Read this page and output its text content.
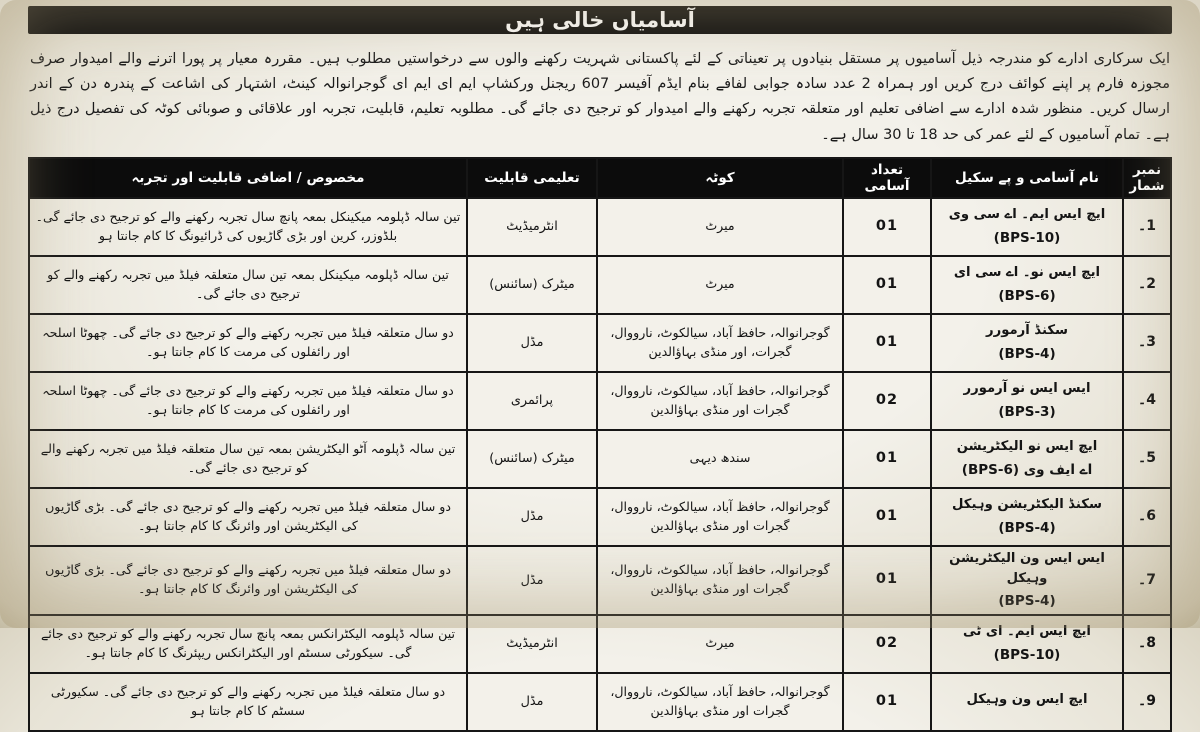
آسامیاں خالی ہیں

ایک سرکاری ادارے کو مندرجہ ذیل آسامیوں پر مستقل بنیادوں پر تعیناتی کے لئے پاکستانی شہریت رکھنے والوں سے درخواستیں مطلوب ہیں۔ مقررہ معیار پر پورا اترنے والے امیدوار صرف مجوزہ فارم پر اپنے کوائف درج کریں اور ہمراہ 2 عدد سادہ جوابی لفافے بنام ایڈم آفیسر 607 ریجنل ورکشاپ ایم ای ایم ای گوجرانوالہ کینٹ، اشتہار کی اشاعت کے پندرہ دن کے اندر ارسال کریں۔ منظور شدہ ادارے سے اضافی تعلیم اور متعلقہ تجربہ رکھنے والے امیدوار کو ترجیح دی جائے گی۔ مطلوبہ تعلیم، قابلیت، تجربہ اور علاقائی و صوبائی کوٹہ کی تفصیل درج ذیل ہے۔ تمام آسامیوں کے لئے عمر کی حد 18 تا 30 سال ہے۔

نمبر شمار	نام آسامی و پے سکیل	تعداد آسامی	کوٹہ	تعلیمی قابلیت	مخصوص / اضافی قابلیت اور تجربہ
1۔	ایچ ایس ایم۔ اے سی وی
‎(BPS-10)‎	01	میرٹ	انٹرمیڈیٹ	تین سالہ ڈپلومہ میکینکل بمعہ پانچ سال تجربہ رکھنے والے کو ترجیح دی جائے گی۔ بلڈوزر، کرین اور بڑی گاڑیوں کی ڈرائیونگ کا کام جانتا ہو
2۔	ایچ ایس نو۔ اے سی ای
‎(BPS-6)‎	01	میرٹ	میٹرک (سائنس)	تین سالہ ڈپلومہ میکینکل بمعہ تین سال متعلقہ فیلڈ میں تجربہ رکھنے والے کو ترجیح دی جائے گی۔
3۔	سکنڈ آرمورر
‎(BPS-4)‎	01	گوجرانوالہ، حافظ آباد، سیالکوٹ، نارووال، گجرات، اور منڈی بہاؤالدین	مڈل	دو سال متعلقہ فیلڈ میں تجربہ رکھنے والے کو ترجیح دی جائے گی۔ چھوٹا اسلحہ اور رائفلوں کی مرمت کا کام جانتا ہو۔
4۔	ایس ایس نو آرمورر
‎(BPS-3)‎	02	گوجرانوالہ، حافظ آباد، سیالکوٹ، نارووال، گجرات اور منڈی بہاؤالدین	پرائمری	دو سال متعلقہ فیلڈ میں تجربہ رکھنے والے کو ترجیح دی جائے گی۔ چھوٹا اسلحہ اور رائفلوں کی مرمت کا کام جانتا ہو۔
5۔	ایچ ایس نو الیکٹریشن
اے ایف وی ‎(BPS-6)‎	01	سندھ دیہی	میٹرک (سائنس)	تین سالہ ڈپلومہ آٹو الیکٹریشن بمعہ تین سال متعلقہ فیلڈ میں تجربہ رکھنے والے کو ترجیح دی جائے گی۔
6۔	سکنڈ الیکٹریشن وہیکل
‎(BPS-4)‎	01	گوجرانوالہ، حافظ آباد، سیالکوٹ، نارووال، گجرات اور منڈی بہاؤالدین	مڈل	دو سال متعلقہ فیلڈ میں تجربہ رکھنے والے کو ترجیح دی جائے گی۔ بڑی گاڑیوں کی الیکٹریشن اور وائرنگ کا کام جانتا ہو۔
7۔	ایس ایس ون الیکٹریشن وہیکل
‎(BPS-4)‎	01	گوجرانوالہ، حافظ آباد، سیالکوٹ، نارووال، گجرات اور منڈی بہاؤالدین	مڈل	دو سال متعلقہ فیلڈ میں تجربہ رکھنے والے کو ترجیح دی جائے گی۔ بڑی گاڑیوں کی الیکٹریشن اور وائرنگ کا کام جانتا ہو۔
8۔	ایچ ایس ایم۔ ای ٹی
‎(BPS-10)‎	02	میرٹ	انٹرمیڈیٹ	تین سالہ ڈپلومہ الیکٹرانکس بمعہ پانچ سال تجربہ رکھنے والے کو ترجیح دی جائے گی۔ سیکورٹی سسٹم اور الیکٹرانکس ریپئرنگ کا کام جانتا ہو۔
9۔	ایچ ایس ون وہیکل	01	گوجرانوالہ، حافظ آباد، سیالکوٹ، نارووال، گجرات اور منڈی بہاؤالدین	مڈل	دو سال متعلقہ فیلڈ میں تجربہ رکھنے والے کو ترجیح دی جائے گی۔ سکیورٹی سسٹم کا کام جانتا ہو
